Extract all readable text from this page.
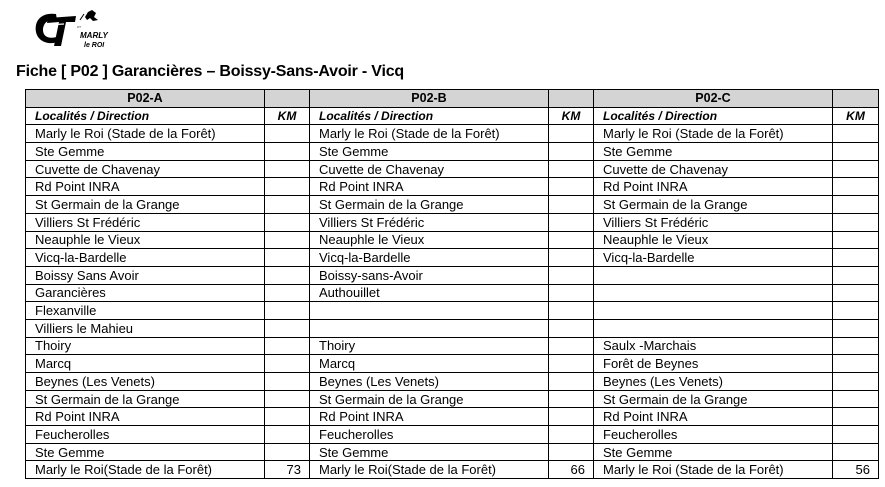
MARLY
le ROI
CT
Fiche [ P02 ] Garancières – Boissy-Sans-Avoir - Vicq
P02-A		P02-B		P02-C	
Localités / Direction	KM	Localités / Direction	KM	Localités / Direction	KM
Marly le Roi (Stade de la Forêt)		Marly le Roi (Stade de la Forêt)		Marly le Roi (Stade de la Forêt)	
Ste Gemme		Ste Gemme		Ste Gemme	
Cuvette de Chavenay		Cuvette de Chavenay		Cuvette de Chavenay	
Rd Point INRA		Rd Point INRA		Rd Point INRA	
St Germain de la Grange		St Germain de la Grange		St Germain de la Grange	
Villiers St Frédéric		Villiers St Frédéric		Villiers St Frédéric	
Neauphle le Vieux		Neauphle le Vieux		Neauphle le Vieux	
Vicq-la-Bardelle		Vicq-la-Bardelle		Vicq-la-Bardelle	
Boissy Sans Avoir		Boissy-sans-Avoir			
Garancières		Authouillet			
Flexanville					
Villiers le Mahieu					
Thoiry		Thoiry		Saulx -Marchais	
Marcq		Marcq		Forêt de Beynes	
Beynes (Les Venets)		Beynes (Les Venets)		Beynes (Les Venets)	
St Germain de la Grange		St Germain de la Grange		St Germain de la Grange	
Rd Point INRA		Rd Point INRA		Rd Point INRA	
Feucherolles		Feucherolles		Feucherolles	
Ste Gemme		Ste Gemme		Ste Gemme	
Marly le Roi(Stade de la Forêt)	73	Marly le Roi(Stade de la Forêt)	66	Marly le Roi (Stade de la Forêt)	56
